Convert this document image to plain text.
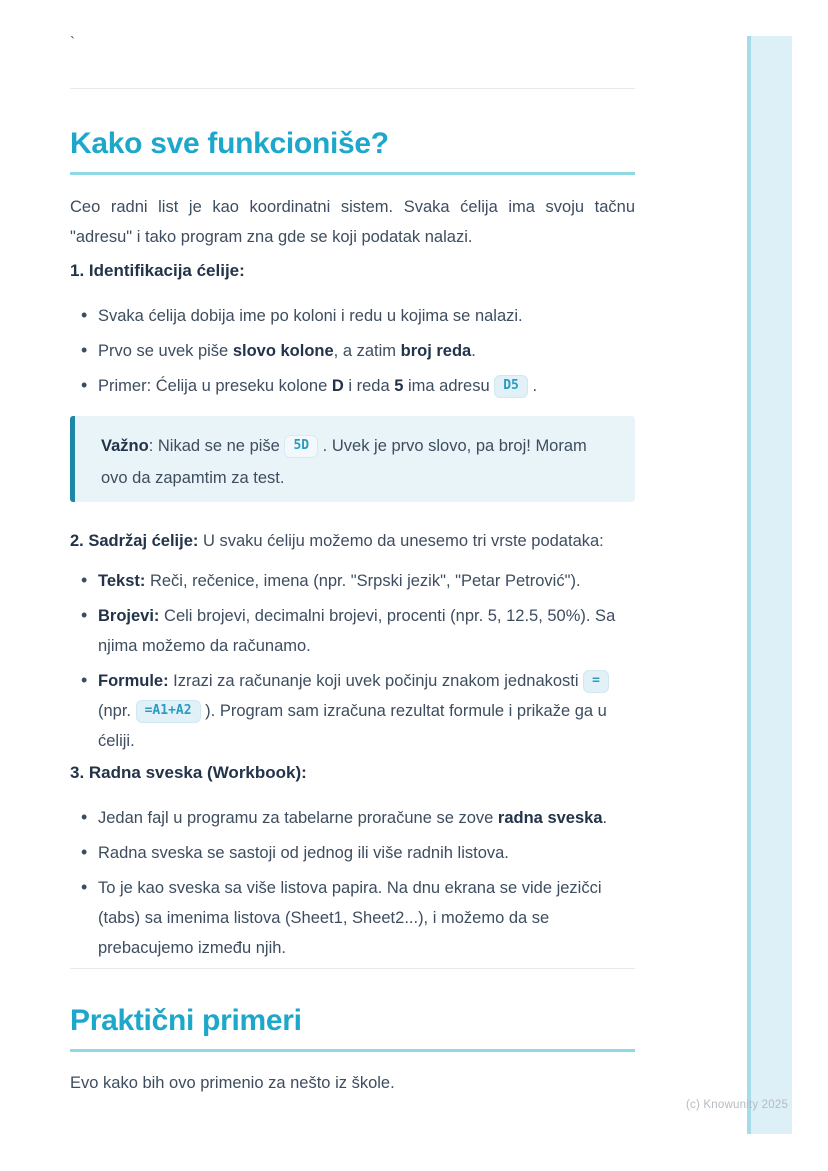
`
Kako sve funkcioniše?

Ceo radni list je kao koordinatni sistem. Svaka ćelija ima svoju tačnu "adresu" i tako program zna gde se koji podatak nalazi.

1. Identifikacija ćelije:

• Svaka ćelija dobija ime po koloni i redu u kojima se nalazi.
• Prvo se uvek piše slovo kolone, a zatim broj reda.
• Primer: Ćelija u preseku kolone D i reda 5 ima adresu D5 .

Važno: Nikad se ne piše 5D . Uvek je prvo slovo, pa broj! Moram ovo da zapamtim za test.

2. Sadržaj ćelije: U svaku ćeliju možemo da unesemo tri vrste podataka:

• Tekst: Reči, rečenice, imena (npr. "Srpski jezik", "Petar Petrović").
• Brojevi: Celi brojevi, decimalni brojevi, procenti (npr. 5, 12.5, 50%). Sa njima možemo da računamo.
• Formule: Izrazi za računanje koji uvek počinju znakom jednakosti = (npr. =A1+A2 ). Program sam izračuna rezultat formule i prikaže ga u ćeliji.

3. Radna sveska (Workbook):

• Jedan fajl u programu za tabelarne proračune se zove radna sveska.
• Radna sveska se sastoji od jednog ili više radnih listova.
• To je kao sveska sa više listova papira. Na dnu ekrana se vide jezičci (tabs) sa imenima listova (Sheet1, Sheet2...), i možemo da se prebacujemo između njih.
Praktični primeri

Evo kako bih ovo primenio za nešto iz škole.

(c) Knowunity 2025
